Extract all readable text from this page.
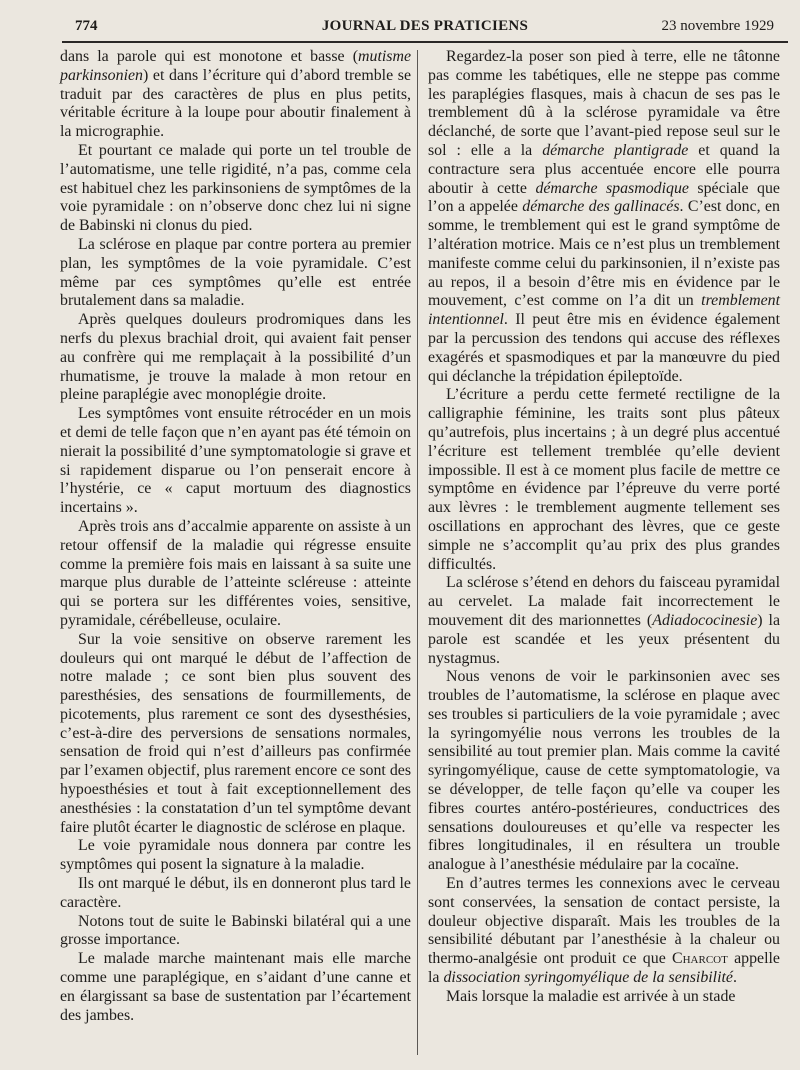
774	JOURNAL DES PRATICIENS	23 novembre 1929

dans la parole qui est monotone et basse (mutisme parkinsonien) et dans l’écriture qui d’abord tremble se traduit par des caractères de plus en plus petits, véritable écriture à la loupe pour aboutir finalement à la micrographie.

Et pourtant ce malade qui porte un tel trouble de l’automatisme, une telle rigidité, n’a pas, comme cela est habituel chez les parkinsoniens de symptômes de la voie pyramidale : on n’observe donc chez lui ni signe de Babinski ni clonus du pied.

La sclérose en plaque par contre portera au premier plan, les symptômes de la voie pyramidale. C’est même par ces symptômes qu’elle est entrée brutalement dans sa maladie.

Après quelques douleurs prodromiques dans les nerfs du plexus brachial droit, qui avaient fait penser au confrère qui me remplaçait à la possibilité d’un rhumatisme, je trouve la malade à mon retour en pleine paraplégie avec monoplégie droite.

Les symptômes vont ensuite rétrocéder en un mois et demi de telle façon que n’en ayant pas été témoin on nierait la possibilité d’une symptomatologie si grave et si rapidement disparue ou l’on penserait encore à l’hystérie, ce « caput mortuum des diagnostics incertains ».

Après trois ans d’accalmie apparente on assiste à un retour offensif de la maladie qui régresse ensuite comme la première fois mais en laissant à sa suite une marque plus durable de l’atteinte scléreuse : atteinte qui se portera sur les différentes voies, sensitive, pyramidale, cérébelleuse, oculaire.

Sur la voie sensitive on observe rarement les douleurs qui ont marqué le début de l’affection de notre malade ; ce sont bien plus souvent des paresthésies, des sensations de fourmillements, de picotements, plus rarement ce sont des dysesthésies, c’est-à-dire des perversions de sensations normales, sensation de froid qui n’est d’ailleurs pas confirmée par l’examen objectif, plus rarement encore ce sont des hypoesthésies et tout à fait exceptionnellement des anesthésies : la constatation d’un tel symptôme devant faire plutôt écarter le diagnostic de sclérose en plaque.

Le voie pyramidale nous donnera par contre les symptômes qui posent la signature à la maladie.

Ils ont marqué le début, ils en donneront plus tard le caractère.

Notons tout de suite le Babinski bilatéral qui a une grosse importance.

Le malade marche maintenant mais elle marche comme une paraplégique, en s’aidant d’une canne et en élargissant sa base de sustentation par l’écartement des jambes.

Regardez-la poser son pied à terre, elle ne tâtonne pas comme les tabétiques, elle ne steppe pas comme les paraplégies flasques, mais à chacun de ses pas le tremblement dû à la sclérose pyramidale va être déclanché, de sorte que l’avant-pied repose seul sur le sol : elle a la démarche plantigrade et quand la contracture sera plus accentuée encore elle pourra aboutir à cette démarche spasmodique spéciale que l’on a appelée démarche des gallinacés. C’est donc, en somme, le tremblement qui est le grand symptôme de l’altération motrice. Mais ce n’est plus un tremblement manifeste comme celui du parkinsonien, il n’existe pas au repos, il a besoin d’être mis en évidence par le mouvement, c’est comme on l’a dit un tremblement intentionnel. Il peut être mis en évidence également par la percussion des tendons qui accuse des réflexes exagérés et spasmodiques et par la manœuvre du pied qui déclanche la trépidation épileptoïde.

L’écriture a perdu cette fermeté rectiligne de la calligraphie féminine, les traits sont plus pâteux qu’autrefois, plus incertains ; à un degré plus accentué l’écriture est tellement tremblée qu’elle devient impossible. Il est à ce moment plus facile de mettre ce symptôme en évidence par l’épreuve du verre porté aux lèvres : le tremblement augmente tellement ses oscillations en approchant des lèvres, que ce geste simple ne s’accomplit qu’au prix des plus grandes difficultés.

La sclérose s’étend en dehors du faisceau pyramidal au cervelet. La malade fait incorrectement le mouvement dit des marionnettes (Adiadococinesie) la parole est scandée et les yeux présentent du nystagmus.

Nous venons de voir le parkinsonien avec ses troubles de l’automatisme, la sclérose en plaque avec ses troubles si particuliers de la voie pyramidale ; avec la syringomyélie nous verrons les troubles de la sensibilité au tout premier plan. Mais comme la cavité syringomyélique, cause de cette symptomatologie, va se développer, de telle façon qu’elle va couper les fibres courtes antéro-postérieures, conductrices des sensations douloureuses et qu’elle va respecter les fibres longitudinales, il en résultera un trouble analogue à l’anesthésie médulaire par la cocaïne.

En d’autres termes les connexions avec le cerveau sont conservées, la sensation de contact persiste, la douleur objective disparaît. Mais les troubles de la sensibilité débutant par l’anesthésie à la chaleur ou thermo-analgésie ont produit ce que Charcot appelle la dissociation syringomyélique de la sensibilité.

Mais lorsque la maladie est arrivée à un stade
